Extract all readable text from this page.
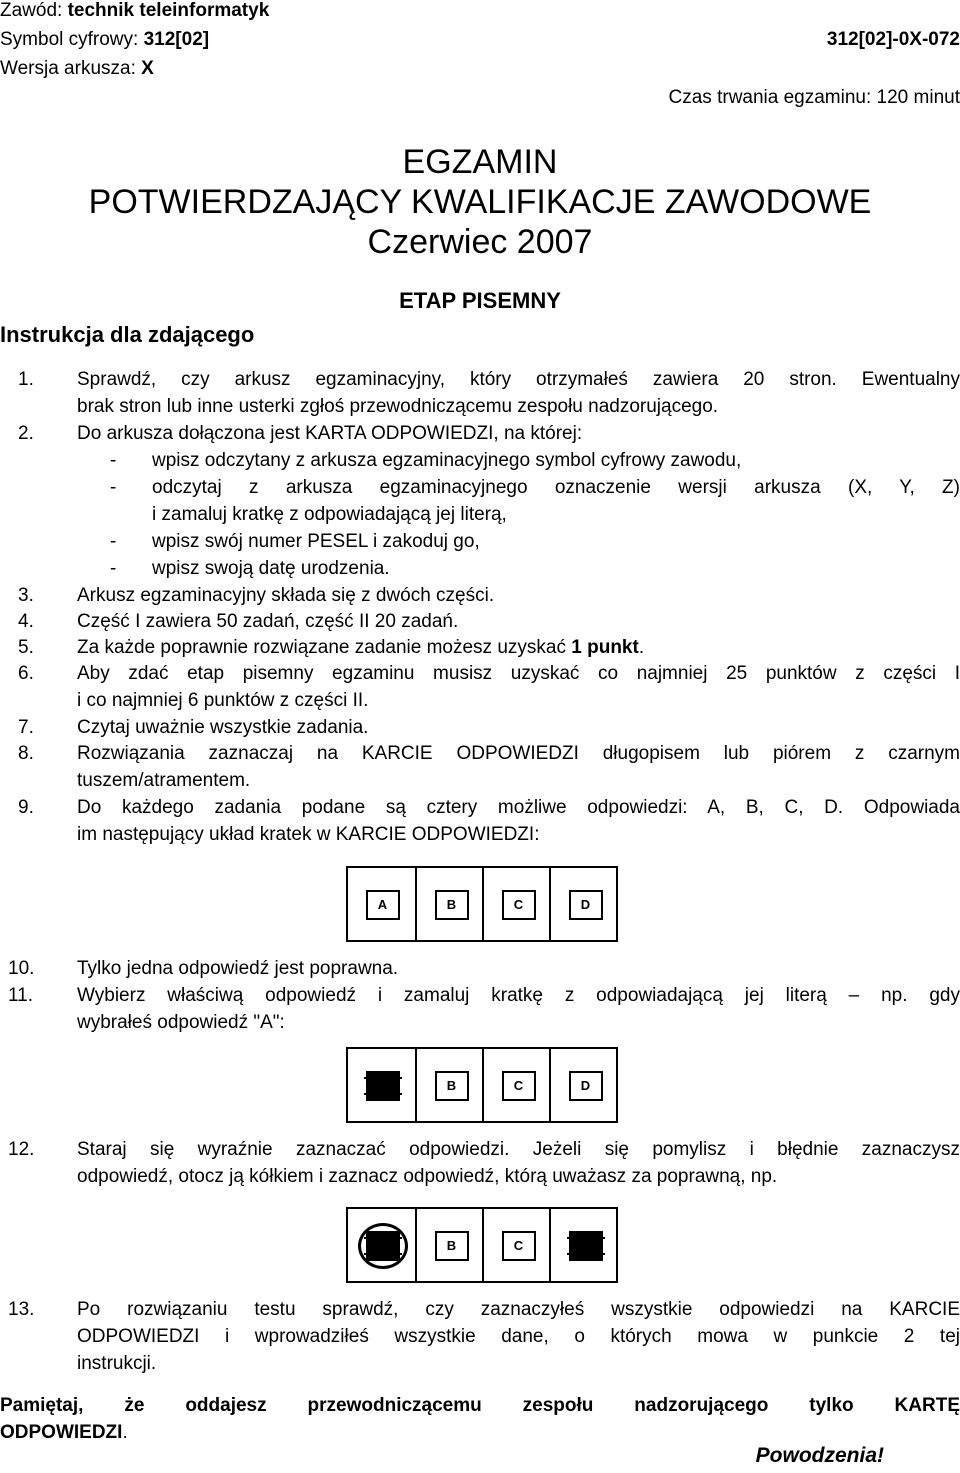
Zawód: technik teleinformatyk
Symbol cyfrowy: 312[02]	312[02]-0X-072
Wersja arkusza: X
Czas trwania egzaminu: 120 minut
EGZAMIN
POTWIERDZAJĄCY KWALIFIKACJE ZAWODOWE
Czerwiec 2007
ETAP PISEMNY
Instrukcja dla zdającego
1.	Sprawdź, czy arkusz egzaminacyjny, który otrzymałeś zawiera 20 stron. Ewentualny
brak stron lub inne usterki zgłoś przewodniczącemu zespołu nadzorującego.
2.	Do arkusza dołączona jest KARTA ODPOWIEDZI, na której:
- wpisz odczytany z arkusza egzaminacyjnego symbol cyfrowy zawodu,
- odczytaj z arkusza egzaminacyjnego oznaczenie wersji arkusza (X, Y, Z)
i zamaluj kratkę z odpowiadającą jej literą,
- wpisz swój numer PESEL i zakoduj go,
- wpisz swoją datę urodzenia.
3.	Arkusz egzaminacyjny składa się z dwóch części.
4.	Część I zawiera 50 zadań, część II 20 zadań.
5.	Za każde poprawnie rozwiązane zadanie możesz uzyskać 1 punkt.
6.	Aby zdać etap pisemny egzaminu musisz uzyskać co najmniej 25 punktów z części I
i co najmniej 6 punktów z części II.
7.	Czytaj uważnie wszystkie zadania.
8.	Rozwiązania zaznaczaj na KARCIE ODPOWIEDZI długopisem lub piórem z czarnym
tuszem/atramentem.
9.	Do każdego zadania podane są cztery możliwe odpowiedzi: A, B, C, D. Odpowiada
im następujący układ kratek w KARCIE ODPOWIEDZI:
A	B	C	D
10.	Tylko jedna odpowiedź jest poprawna.
11.	Wybierz właściwą odpowiedź i zamaluj kratkę z odpowiadającą jej literą – np. gdy
wybrałeś odpowiedź "A":
B	C	D
12.	Staraj się wyraźnie zaznaczać odpowiedzi. Jeżeli się pomylisz i błędnie zaznaczysz
odpowiedź, otocz ją kółkiem i zaznacz odpowiedź, którą uważasz za poprawną, np.
B	C
13.	Po rozwiązaniu testu sprawdź, czy zaznaczyłeś wszystkie odpowiedzi na KARCIE
ODPOWIEDZI i wprowadziłeś wszystkie dane, o których mowa w punkcie 2 tej
instrukcji.
Pamiętaj, że oddajesz przewodniczącemu zespołu nadzorującego tylko KARTĘ
ODPOWIEDZI.
Powodzenia!
